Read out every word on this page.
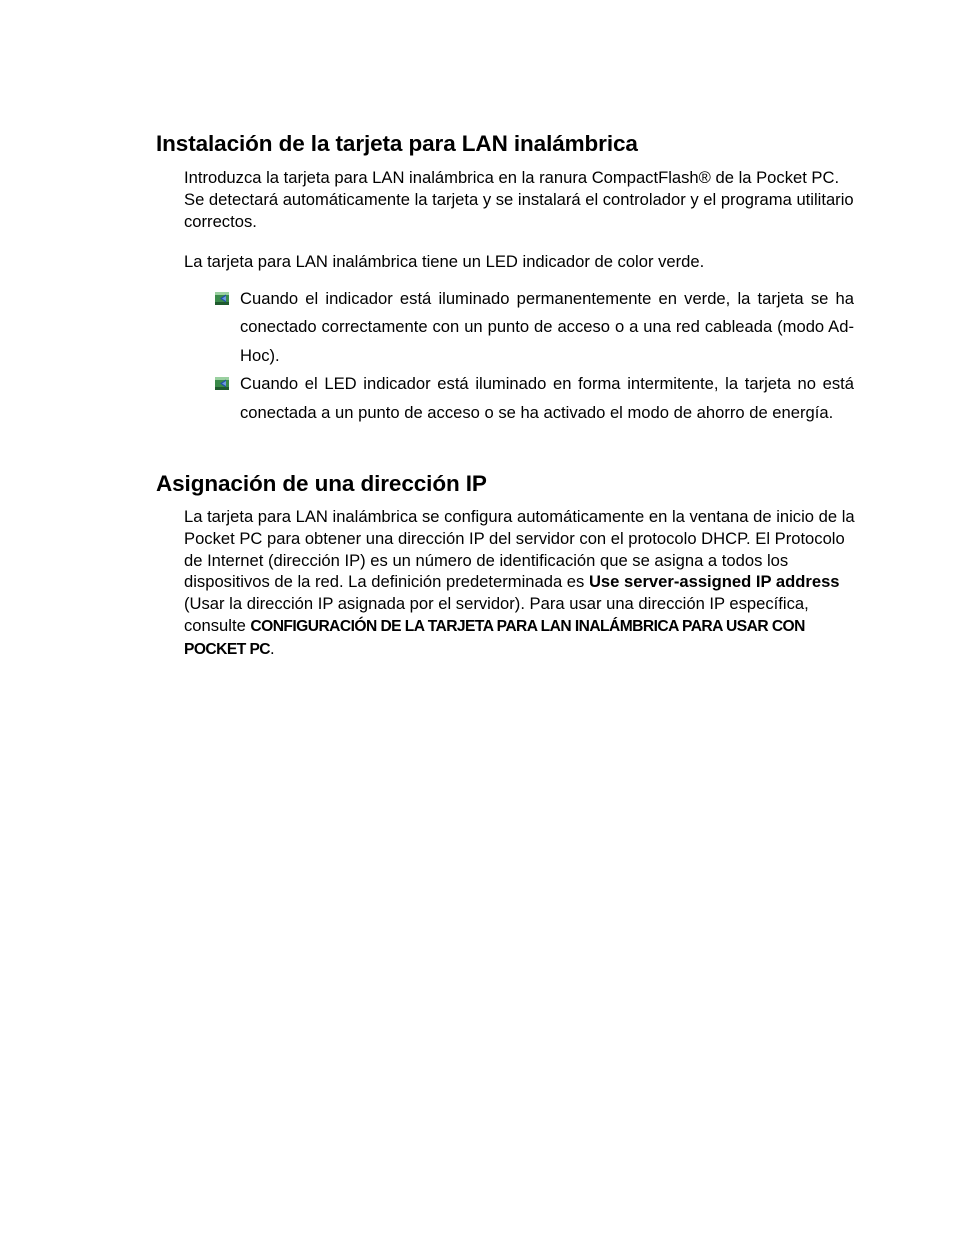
Instalación de la tarjeta para LAN inalámbrica

Introduzca la tarjeta para LAN inalámbrica en la ranura CompactFlash® de la Pocket PC. Se detectará automáticamente la tarjeta y se instalará el controlador y el programa utilitario correctos.

La tarjeta para LAN inalámbrica tiene un LED indicador de color verde.

Cuando el indicador está iluminado permanentemente en verde, la tarjeta se ha conectado correctamente con un punto de acceso o a una red cableada (modo Ad-Hoc).
Cuando el LED indicador está iluminado en forma intermitente, la tarjeta no está conectada a un punto de acceso o se ha activado el modo de ahorro de energía.
Asignación de una dirección IP

La tarjeta para LAN inalámbrica se configura automáticamente en la ventana de inicio de la Pocket PC para obtener una dirección IP del servidor con el protocolo DHCP. El Protocolo de Internet (dirección IP) es un número de identificación que se asigna a todos los dispositivos de la red. La definición predeterminada es Use server-assigned IP address (Usar la dirección IP asignada por el servidor). Para usar una dirección IP específica, consulte CONFIGURACIÓN DE LA TARJETA PARA LAN INALÁMBRICA PARA USAR CON POCKET PC.
